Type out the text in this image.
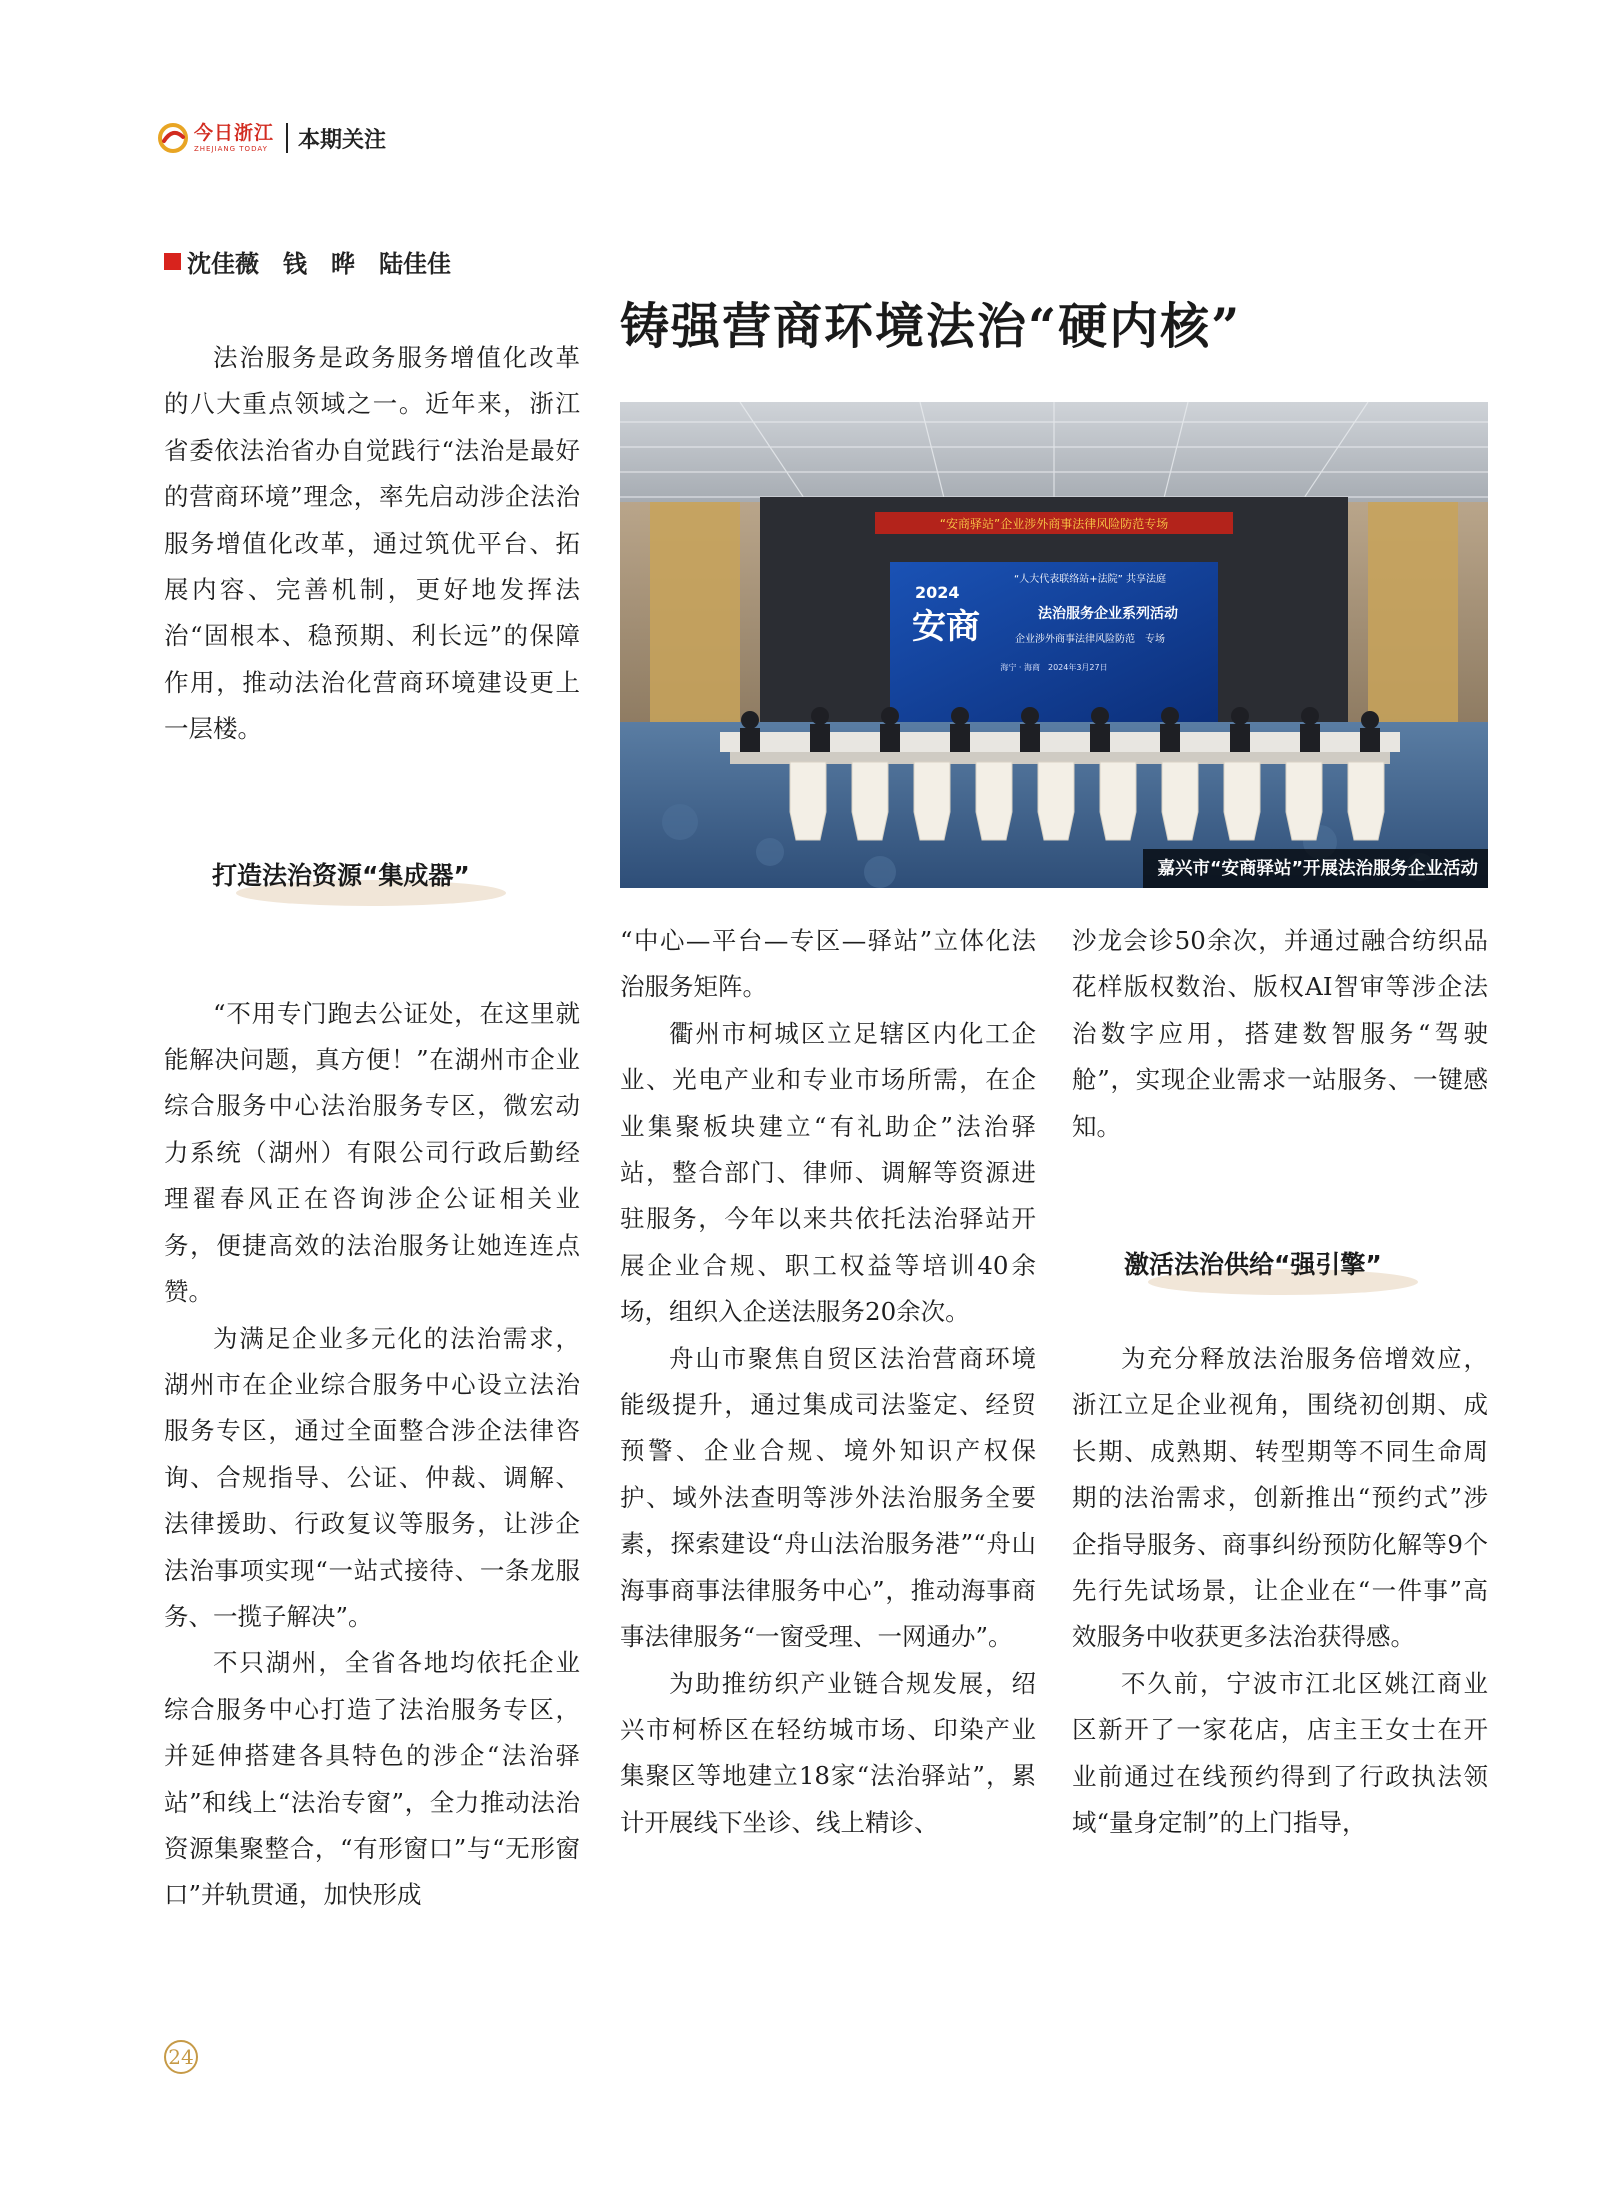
今日浙江
ZHEJIANG TODAY 本期关注
沈佳薇　钱　晔　陆佳佳
铸强营商环境法治“硬内核”

法治服务是政务服务增值化改革的八大重点领域之一。近年来，浙江省委依法治省办自觉践行“法治是最好的营商环境”理念，率先启动涉企法治服务增值化改革，通过筑优平台、拓展内容、完善机制，更好地发挥法治“固根本、稳预期、利长远”的保障作用，推动法治化营商环境建设更上一层楼。

“不用专门跑去公证处，在这里就能解决问题，真方便！”在湖州市企业综合服务中心法治服务专区，微宏动力系统（湖州）有限公司行政后勤经理翟春风正在咨询涉企公证相关业务，便捷高效的法治服务让她连连点赞。

为满足企业多元化的法治需求，湖州市在企业综合服务中心设立法治服务专区，通过全面整合涉企法律咨询、合规指导、公证、仲裁、调解、法律援助、行政复议等服务，让涉企法治事项实现“一站式接待、一条龙服务、一揽子解决”。

不只湖州，全省各地均依托企业综合服务中心打造了法治服务专区，并延伸搭建各具特色的涉企“法治驿站”和线上“法治专窗”，全力推动法治资源集聚整合，“有形窗口”与“无形窗口”并轨贯通，加快形成

打造法治资源“集成器”
“安商驿站”企业涉外商事法律风险防范专场
“人大代表联络站+法院” 共享法庭
2024
安商	法治服务企业系列活动
企业涉外商事法律风险防范　专场
海宁 · 海商　2024年3月27日
嘉兴市“安商驿站”开展法治服务企业活动

“中心—平台—专区—驿站”立体化法治服务矩阵。

衢州市柯城区立足辖区内化工企业、光电产业和专业市场所需，在企业集聚板块建立“有礼助企”法治驿站，整合部门、律师、调解等资源进驻服务，今年以来共依托法治驿站开展企业合规、职工权益等培训40余场，组织入企送法服务20余次。

舟山市聚焦自贸区法治营商环境能级提升，通过集成司法鉴定、经贸预警、企业合规、境外知识产权保护、域外法查明等涉外法治服务全要素，探索建设“舟山法治服务港”“舟山海事商事法律服务中心”，推动海事商事法律服务“一窗受理、一网通办”。

为助推纺织产业链合规发展，绍兴市柯桥区在轻纺城市场、印染产业集聚区等地建立18家“法治驿站”，累计开展线下坐诊、线上精诊、

沙龙会诊50余次，并通过融合纺织品花样版权数治、版权AI智审等涉企法治数字应用，搭建数智服务“驾驶舱”，实现企业需求一站服务、一键感知。

为充分释放法治服务倍增效应，浙江立足企业视角，围绕初创期、成长期、成熟期、转型期等不同生命周期的法治需求，创新推出“预约式”涉企指导服务、商事纠纷预防化解等9个先行先试场景，让企业在“一件事”高效服务中收获更多法治获得感。

不久前，宁波市江北区姚江商业区新开了一家花店，店主王女士在开业前通过在线预约得到了行政执法领域“量身定制”的上门指导，

激活法治供给“强引擎”
24
